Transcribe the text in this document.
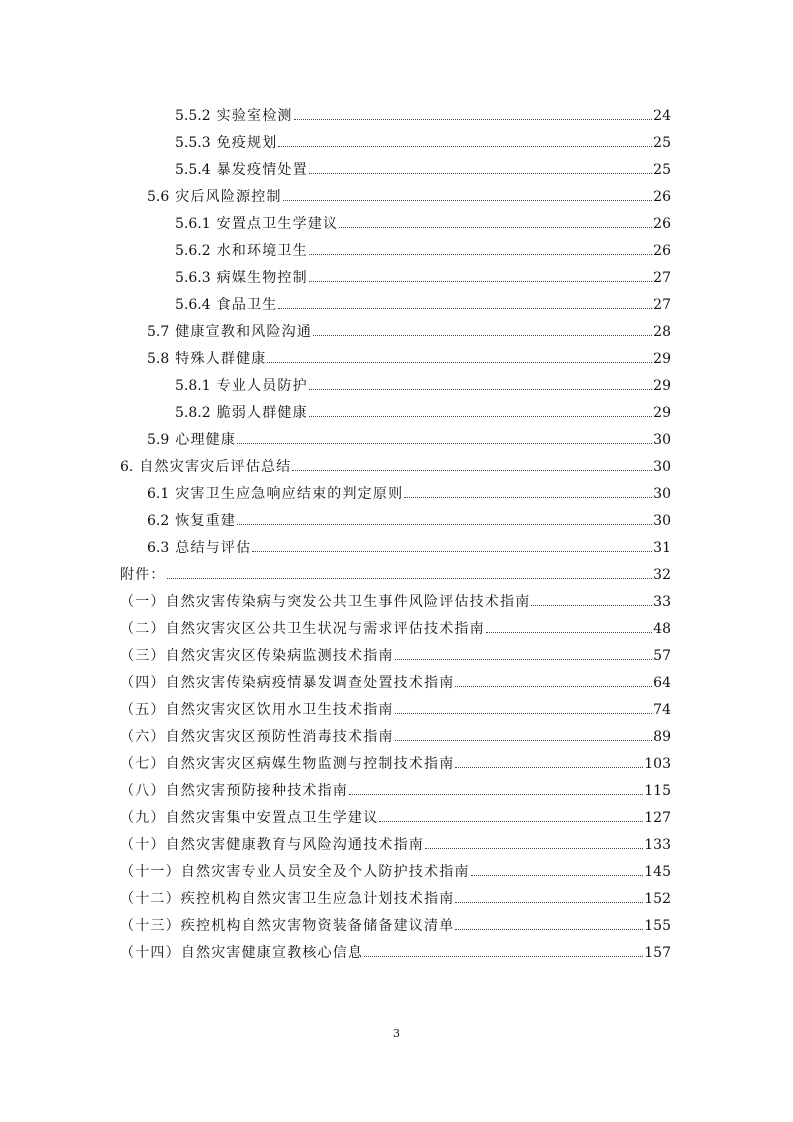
5.5.2 实验室检测	24
5.5.3 免疫规划	25
5.5.4 暴发疫情处置	25
5.6 灾后风险源控制	26
5.6.1 安置点卫生学建议	26
5.6.2 水和环境卫生	26
5.6.3 病媒生物控制	27
5.6.4 食品卫生	27
5.7 健康宣教和风险沟通	28
5.8 特殊人群健康	29
5.8.1 专业人员防护	29
5.8.2 脆弱人群健康	29
5.9 心理健康	30
6. 自然灾害灾后评估总结	30
6.1 灾害卫生应急响应结束的判定原则	30
6.2 恢复重建	30
6.3 总结与评估	31
附件：	32
（一）自然灾害传染病与突发公共卫生事件风险评估技术指南	33
（二）自然灾害灾区公共卫生状况与需求评估技术指南	48
（三）自然灾害灾区传染病监测技术指南	57
（四）自然灾害传染病疫情暴发调查处置技术指南	64
（五）自然灾害灾区饮用水卫生技术指南	74
（六）自然灾害灾区预防性消毒技术指南	89
（七）自然灾害灾区病媒生物监测与控制技术指南	103
（八）自然灾害预防接种技术指南	115
（九）自然灾害集中安置点卫生学建议	127
（十）自然灾害健康教育与风险沟通技术指南	133
（十一）自然灾害专业人员安全及个人防护技术指南	145
（十二）疾控机构自然灾害卫生应急计划技术指南	152
（十三）疾控机构自然灾害物资装备储备建议清单	155
（十四）自然灾害健康宣教核心信息	157
3
